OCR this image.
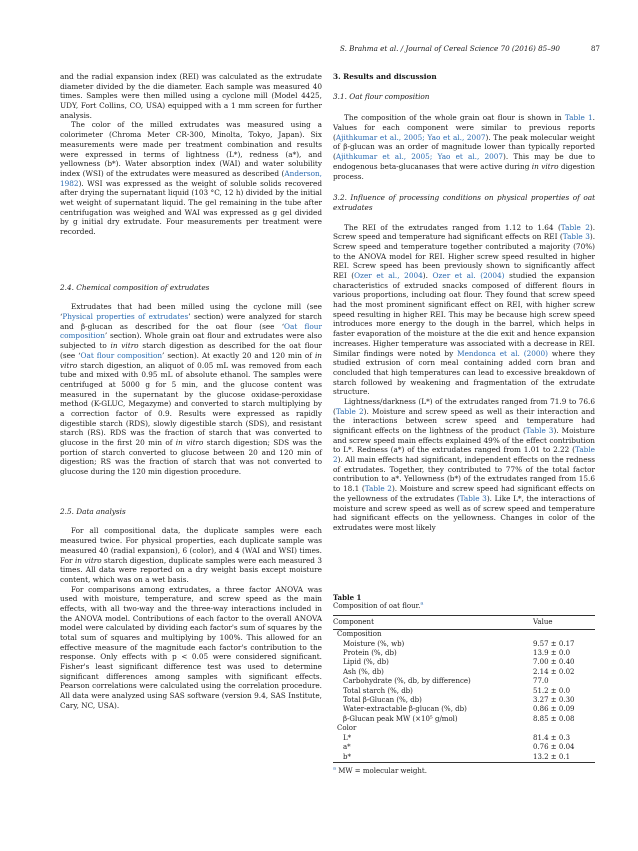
S. Brahma et al. / Journal of Cereal Science 70 (2016) 85–90	87

and the radial expansion index (REI) was calculated as the extrudate diameter divided by the die diameter. Each sample was measured 40 times. Samples were then milled using a cyclone mill (Model 4425, UDY, Fort Collins, CO, USA) equipped with a 1 mm screen for further analysis.

The color of the milled extrudates was measured using a colorimeter (Chroma Meter CR-300, Minolta, Tokyo, Japan). Six measurements were made per treatment combination and results were expressed in terms of lightness (L*), redness (a*), and yellowness (b*). Water absorption index (WAI) and water solubility index (WSI) of the extrudates were measured as described (Anderson, 1982). WSI was expressed as the weight of soluble solids recovered after drying the supernatant liquid (103 °C, 12 h) divided by the initial wet weight of supernatant liquid. The gel remaining in the tube after centrifugation was weighed and WAI was expressed as g gel divided by g initial dry extrudate. Four measurements per treatment were recorded.

2.4. Chemical composition of extrudates

Extrudates that had been milled using the cyclone mill (see ‘Physical properties of extrudates’ section) were analyzed for starch and β-glucan as described for the oat flour (see ‘Oat flour composition’ section). Whole grain oat flour and extrudates were also subjected to in vitro starch digestion as described for the oat flour (see ‘Oat flour composition’ section). At exactly 20 and 120 min of in vitro starch digestion, an aliquot of 0.05 mL was removed from each tube and mixed with 0.95 mL of absolute ethanol. The samples were centrifuged at 5000 g for 5 min, and the glucose content was measured in the supernatant by the glucose oxidase-peroxidase method (K-GLUC, Megazyme) and converted to starch multiplying by a correction factor of 0.9. Results were expressed as rapidly digestible starch (RDS), slowly digestible starch (SDS), and resistant starch (RS). RDS was the fraction of starch that was converted to glucose in the first 20 min of in vitro starch digestion; SDS was the portion of starch converted to glucose between 20 and 120 min of digestion; RS was the fraction of starch that was not converted to glucose during the 120 min digestion procedure.

2.5. Data analysis

For all compositional data, the duplicate samples were each measured twice. For physical properties, each duplicate sample was measured 40 (radial expansion), 6 (color), and 4 (WAI and WSI) times. For in vitro starch digestion, duplicate samples were each measured 3 times. All data were reported on a dry weight basis except moisture content, which was on a wet basis.

For comparisons among extrudates, a three factor ANOVA was used with moisture, temperature, and screw speed as the main effects, with all two-way and the three-way interactions included in the ANOVA model. Contributions of each factor to the overall ANOVA model were calculated by dividing each factor's sum of squares by the total sum of squares and multiplying by 100%. This allowed for an effective measure of the magnitude each factor's contribution to the response. Only effects with p < 0.05 were considered significant. Fisher's least significant difference test was used to determine significant differences among samples with significant effects. Pearson correlations were calculated using the correlation procedure. All data were analyzed using SAS software (version 9.4, SAS Institute, Cary, NC, USA).

3. Results and discussion

3.1. Oat flour composition

The composition of the whole grain oat flour is shown in Table 1. Values for each component were similar to previous reports (Ajithkumar et al., 2005; Yao et al., 2007). The peak molecular weight of β-glucan was an order of magnitude lower than typically reported (Ajithkumar et al., 2005; Yao et al., 2007). This may be due to endogenous beta-glucanases that were active during in vitro digestion process.

3.2. Influence of processing conditions on physical properties of oat extrudates

The REI of the extrudates ranged from 1.12 to 1.64 (Table 2). Screw speed and temperature had significant effects on REI (Table 3). Screw speed and temperature together contributed a majority (70%) to the ANOVA model for REI. Higher screw speed resulted in higher REI. Screw speed has been previously shown to significantly affect REI (Ozer et al., 2004). Ozer et al. (2004) studied the expansion characteristics of extruded snacks composed of different flours in various proportions, including oat flour. They found that screw speed had the most prominent significant effect on REI, with higher screw speed resulting in higher REI. This may be because high screw speed introduces more energy to the dough in the barrel, which helps in faster evaporation of the moisture at the die exit and hence expansion increases. Higher temperature was associated with a decrease in REI. Similar findings were noted by Mendonca et al. (2000) where they studied extrusion of corn meal containing added corn bran and concluded that high temperatures can lead to excessive breakdown of starch followed by weakening and fragmentation of the extrudate structure.

Lightness/darkness (L*) of the extrudates ranged from 71.9 to 76.6 (Table 2). Moisture and screw speed as well as their interaction and the interactions between screw speed and temperature had significant effects on the lightness of the product (Table 3). Moisture and screw speed main effects explained 49% of the effect contribution to L*. Redness (a*) of the extrudates ranged from 1.01 to 2.22 (Table 2). All main effects had significant, independent effects on the redness of extrudates. Together, they contributed to 77% of the total factor contribution to a*. Yellowness (b*) of the extrudates ranged from 15.6 to 18.1 (Table 2). Moisture and screw speed had significant effects on the yellowness of the extrudates (Table 3). Like L*, the interactions of moisture and screw speed as well as of screw speed and temperature had significant effects on the yellowness. Changes in color of the extrudates were most likely

Table 1
Composition of oat flour.$^a$
Component	Value
Composition	
Moisture (%, wb)	9.57 ± 0.17
Protein (%, db)	13.9 ± 0.0
Lipid (%, db)	7.00 ± 0.40
Ash (%, db)	2.14 ± 0.02
Carbohydrate (%, db, by difference)	77.0
Total starch (%, db)	51.2 ± 0.0
Total β-Glucan (%, db)	3.27 ± 0.30
Water-extractable β-glucan (%, db)	0.86 ± 0.09
β-Glucan peak MW (×10⁵ g/mol)	8.85 ± 0.08
Color	
L*	81.4 ± 0.3
a*	0.76 ± 0.04
b*	13.2 ± 0.1
$^a$ MW = molecular weight.
